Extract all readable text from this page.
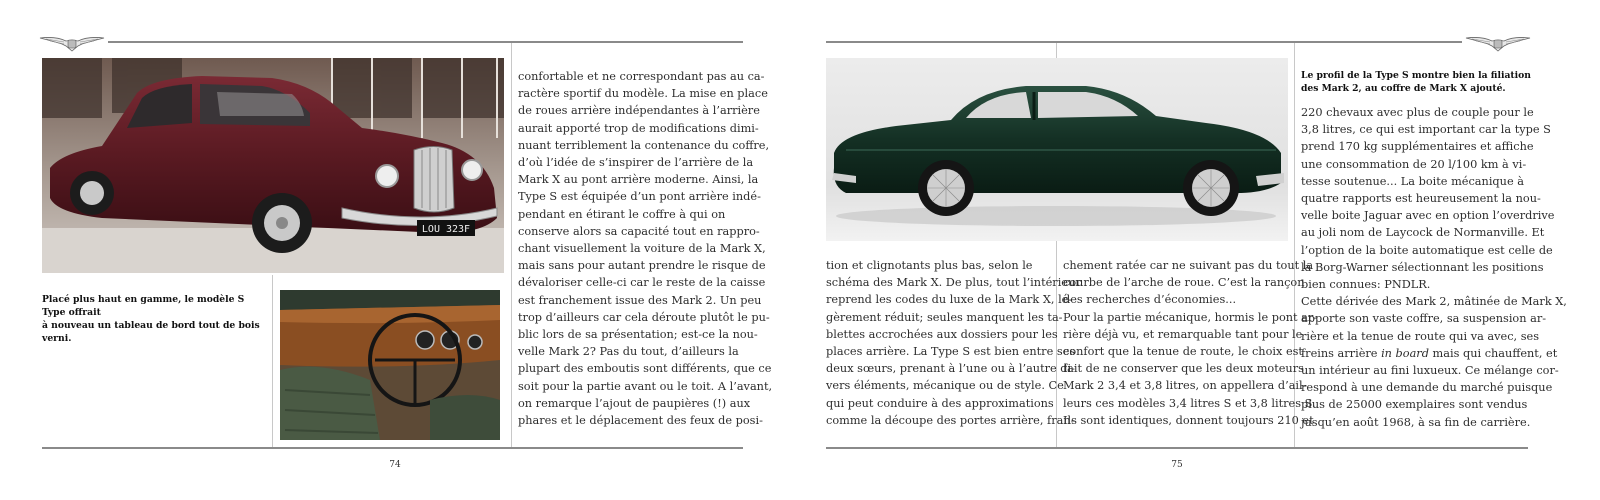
LOU 323F
Placé plus haut en gamme, le modèle S Type offrait
à nouveau un tableau de bord tout de bois verni.
confortable et ne correspondant pas au ca-
ractère sportif du modèle. La mise en place
de roues arrière indépendantes à l’arrière
aurait apporté trop de modifications dimi-
nuant terriblement la contenance du coffre,
d’où l’idée de s’inspirer de l’arrière de la
Mark X au pont arrière moderne. Ainsi, la
Type S est équipée d’un pont arrière indé-
pendant en étirant le coffre à qui on
conserve alors sa capacité tout en rappro-
chant visuellement la voiture de la Mark X,
mais sans pour autant prendre le risque de
dévaloriser celle-ci car le reste de la caisse
est franchement issue des Mark 2. Un peu
trop d’ailleurs car cela déroute plutôt le pu-
blic lors de sa présentation; est-ce la nou-
velle Mark 2? Pas du tout, d’ailleurs la
plupart des emboutis sont différents, que ce
soit pour la partie avant ou le toit. A l’avant,
on remarque l’ajout de paupières (!) aux
phares et le déplacement des feux de posi-
74
Le profil de la Type S montre bien la filiation
des Mark 2, au coffre de Mark X ajouté.
tion et clignotants plus bas, selon le
schéma des Mark X. De plus, tout l’intérieur
reprend les codes du luxe de la Mark X, lé-
gèrement réduit; seules manquent les ta-
blettes accrochées aux dossiers pour les
places arrière. La Type S est bien entre ses
deux sœurs, prenant à l’une ou à l’autre di-
vers éléments, mécanique ou de style. Ce
qui peut conduire à des approximations
comme la découpe des portes arrière, fran-
chement ratée car ne suivant pas du tout la
courbe de l’arche de roue. C’est la rançon
des recherches d’économies...
Pour la partie mécanique, hormis le pont ar-
rière déjà vu, et remarquable tant pour le
confort que la tenue de route, le choix est
fait de ne conserver que les deux moteurs
Mark 2 3,4 et 3,8 litres, on appellera d’ail-
leurs ces modèles 3,4 litres S et 3,8 litres S.
Ils sont identiques, donnent toujours 210 et
220 chevaux avec plus de couple pour le
3,8 litres, ce qui est important car la type S
prend 170 kg supplémentaires et affiche
une consommation de 20 l/100 km à vi-
tesse soutenue... La boite mécanique à
quatre rapports est heureusement la nou-
velle boite Jaguar avec en option l’overdrive
au joli nom de Laycock de Normanville. Et
l’option de la boite automatique est celle de
la Borg-Warner sélectionnant les positions
bien connues: PNDLR.
Cette dérivée des Mark 2, mâtinée de Mark X,
apporte son vaste coffre, sa suspension ar-
rière et la tenue de route qui va avec, ses
freins arrière in board mais qui chauffent, et
un intérieur au fini luxueux. Ce mélange cor-
respond à une demande du marché puisque
plus de 25000 exemplaires sont vendus
jusqu’en août 1968, à sa fin de carrière.
75
